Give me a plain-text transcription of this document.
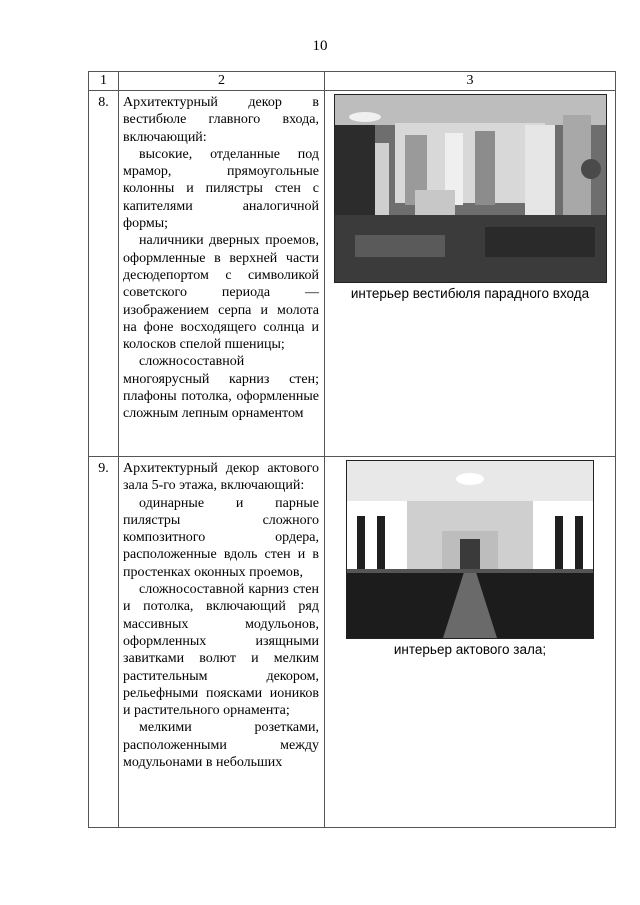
10
1	2	3
8.	Архитектурный декор в вестибюле главного входа, включающий:

высокие, отделанные под мрамор, прямоугольные колонны и пилястры стен с капителями аналогичной формы;

наличники дверных проемов, оформленные в верхней части десюдепортом с символикой советского периода — изображением серпа и молота на фоне восходящего солнца и колосков спелой пшеницы;

сложносоставной многоярусный карниз стен; плафоны потолка, оформленные сложным лепным орнаментом	интерьер вестибюля парадного входа

9.	Архитектурный декор актового зала 5-го этажа, включающий:

одинарные и парные пилястры сложного композитного ордера, расположенные вдоль стен и в простенках оконных проемов,

сложносоставной карниз стен и потолка, включающий ряд массивных модульонов, оформленных изящными завитками волют и мелким растительным декором, рельефными поясками иоников и растительного орнамента;

мелкими розетками, расположенными между модульонами в небольших	интерьер актового зала;
